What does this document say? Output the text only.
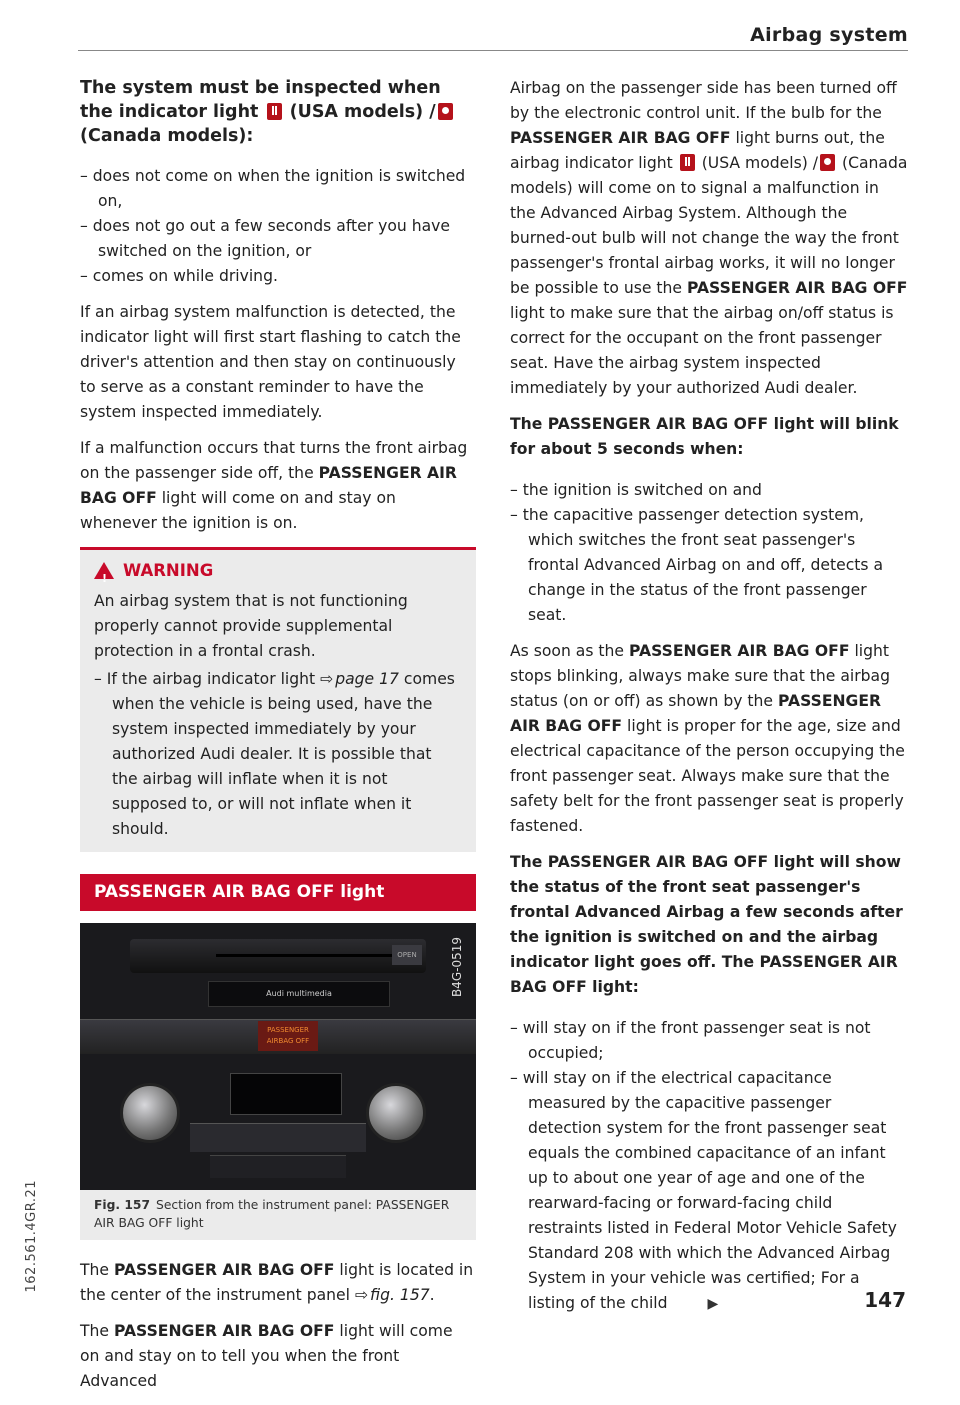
Airbag system

The system must be inspected when the indicator light (USA models) / (Canada models):

– does not come on when the ignition is switched on,
– does not go out a few seconds after you have switched on the ignition, or
– comes on while driving.

If an airbag system malfunction is detected, the indicator light will first start flashing to catch the driver's attention and then stay on continuously to serve as a constant reminder to have the system inspected immediately.

If a malfunction occurs that turns the front airbag on the passenger side off, the PASSENGER AIR BAG OFF light will come on and stay on whenever the ignition is on.

!
WARNING

An airbag system that is not functioning properly cannot provide supplemental protection in a frontal crash.

– If the airbag indicator light ⇨ page 17 comes when the vehicle is being used, have the system inspected immediately by your authorized Audi dealer. It is possible that the airbag will inflate when it is not supposed to, or will not inflate when it should.
PASSENGER AIR BAG OFF light
OPEN
Audi multimedia
PASSENGER AIRBAG OFF
B4G-0519
Fig. 157 Section from the instrument panel: PASSENGER AIR BAG OFF light

The PASSENGER AIR BAG OFF light is located in the center of the instrument panel ⇨ fig. 157.

The PASSENGER AIR BAG OFF light will come on and stay on to tell you when the front Advanced

Airbag on the passenger side has been turned off by the electronic control unit. If the bulb for the PASSENGER AIR BAG OFF light burns out, the airbag indicator light (USA models) / (Canada models) will come on to signal a malfunction in the Advanced Airbag System. Although the burned-out bulb will not change the way the front passenger's frontal airbag works, it will no longer be possible to use the PASSENGER AIR BAG OFF light to make sure that the airbag on/off status is correct for the occupant on the front passenger seat. Have the airbag system inspected immediately by your authorized Audi dealer.

The PASSENGER AIR BAG OFF light will blink for about 5 seconds when:

– the ignition is switched on and
– the capacitive passenger detection system, which switches the front seat passenger's frontal Advanced Airbag on and off, detects a change in the status of the front passenger seat.

As soon as the PASSENGER AIR BAG OFF light stops blinking, always make sure that the airbag status (on or off) as shown by the PASSENGER AIR BAG OFF light is proper for the age, size and electrical capacitance of the person occupying the front passenger seat. Always make sure that the safety belt for the front passenger seat is properly fastened.

The PASSENGER AIR BAG OFF light will show the status of the front seat passenger's frontal Advanced Airbag a few seconds after the ignition is switched on and the airbag indicator light goes off. The PASSENGER AIR BAG OFF light:

– will stay on if the front passenger seat is not occupied;
– will stay on if the electrical capacitance measured by the capacitive passenger detection system for the front passenger seat equals the combined capacitance of an infant up to about one year of age and one of the rearward-facing or forward-facing child restraints listed in Federal Motor Vehicle Safety Standard 208 with which the Advanced Airbag System in your vehicle was certified; For a listing of the child	▶	147
162.561.4GR.21
